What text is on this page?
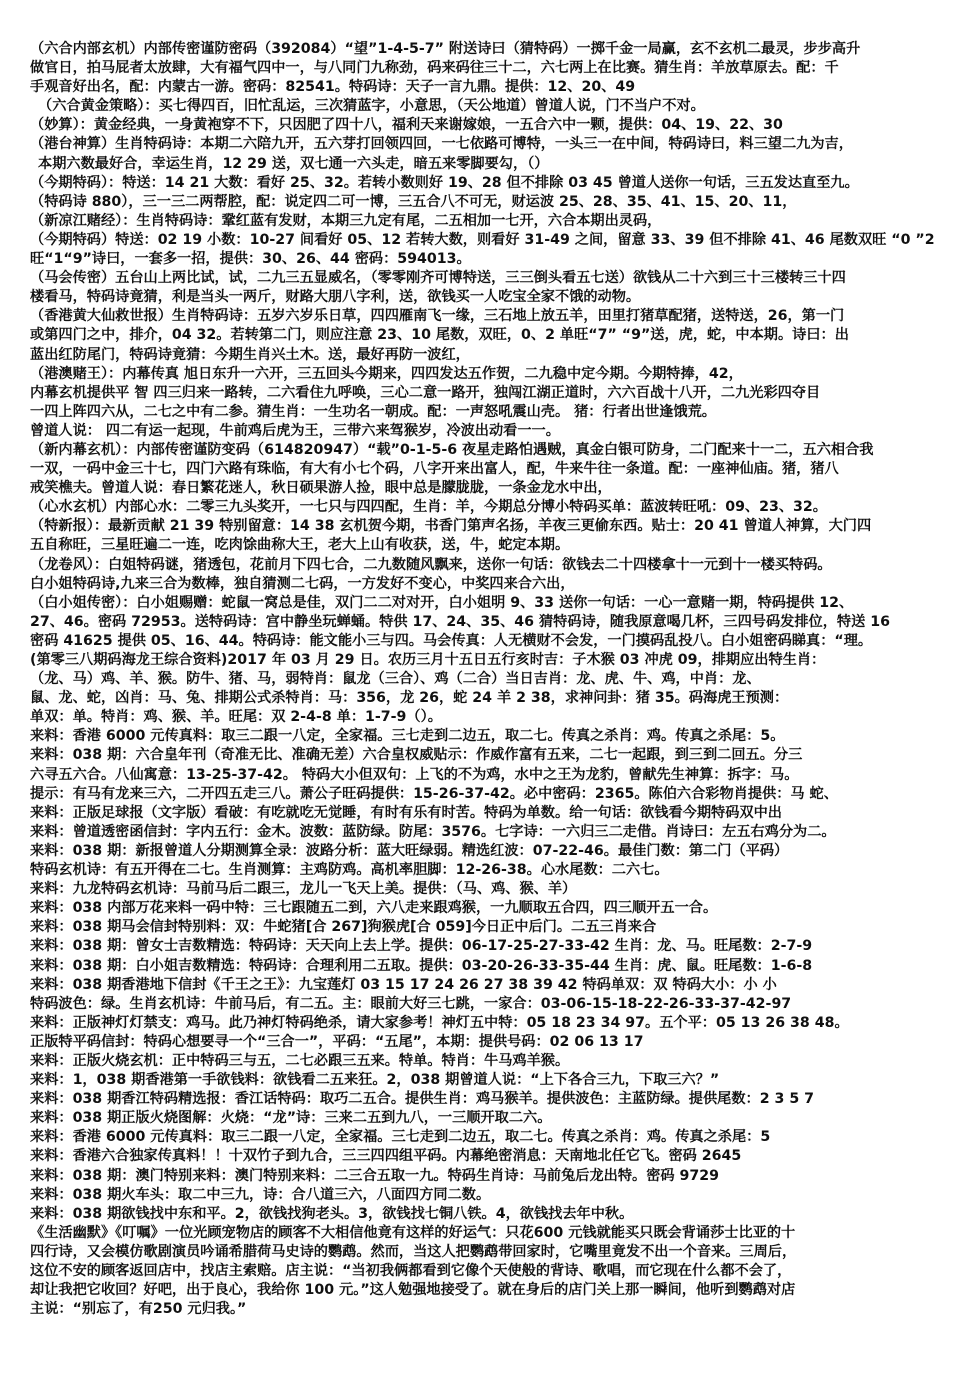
（六合内部玄机）内部传密谨防密码（392084）“望”1-4-5-7” 附送诗曰（猜特码）一掷千金一局赢，玄不玄机二最灵，步步高升
做官日，拍马屁者太放肆，大有福气四中一，与八同门九称劲，码来码往三十二，六七两上在比赛。猜生肖：羊放草原去。配：千
手观音好出名，配：内蒙古一游。密码：82541。特码诗：天子一言九鼎。提供：12、20、49
（六合黄金策略）：买七得四百，旧忙乱运，三次猜蓝字，小意思，（天公地道）曾道人说，门不当户不对。
（妙算）：黄金经典，一身黄袍穿不下，只因肥了四十八，福利天来谢嫁娘，一五合六中一颗，提供：04、19、22、30
（港台神算）生肖特码诗：本期二六陪九开，五六芽打回领四回，一七依路可博特，一头三一在中间，特码诗曰，料三望二九为吉，
本期六数最好合，幸运生肖，12 29 送，双七通一六头走，暗五来零脚要勾，（）
（今期特码）：特送：14 21 大数：看好 25、32。若转小数则好 19、28 但不排除 03 45 曾道人送你一句话，三五发达直至九。
（特码诗 880），三一三二两帮腔，配：说定四二可一博，三五合八不可无，财运波 25、28、35、41、15、20、11，
（新凉江赌经）：生肖特码诗：鞏红蓝有发财，本期三九定有尾，二五相加一七开，六合本期出灵码，
（今期特码）特送：02 19 小数：10-27 间看好 05、12 若转大数，则看好 31-49 之间，留意 33、39 但不排除 41、46 尾数双旺 “0 ”2
旺“1“9”诗曰，一套多一招，提供：30、26、44 密码：594013。
（马会传密）五台山上两比试，试，二九三五显威名，（零零刚齐可博特送，三三倒头看五七送）欲钱从二十六到三十三楼转三十四
楼看马，特码诗竟猜，利是当头一两斤，财路大朋八字利，送，欲钱买一人吃宝全家不饿的动物。
（香港黄大仙救世报）生肖特码诗：五岁六岁乐日草，四四雁南飞一缘，三石地上放五羊，田里打猪草配猪，送特送，26，第一门
或第四门之中，排介，04 32。若转第二门，则应注意 23、10 尾数，双旺，0、2 单旺“7” “9”送，虎，蛇，中本期。诗曰：出
蓝出红防尾门，特码诗竟猜：今期生肖兴土木。送，最好再防一波红，
（港澳赌王）：内幕传真 旭日东升一六开，三五回头今期来，四四发达五作贺，二九稳中定今期。今期特捧，42，
内幕玄机提供平 智 四三归来一路转，二六看住九呼唤，三心二意一路开，独闯江湖正道时，六六百战十八开，二九光彩四夺目
一四上阵四六从，二七之中有二参。猜生肖：一生功名一朝成。配：一声怒吼震山壳。 猪：行者出世逢饿荒。
曾道人说： 四二有运一起现，牛前鸡后虎为王，三带六来驾猴岁，冷波出动看一一。
（新内幕玄机）：内部传密谨防变码（614820947）“载”0-1-5-6 夜星走路怕遇贼，真金白银可防身，二门配来十一二，五六相合我
一双，一码中金三十七，四门六路有珠临，有大有小七个码，八字开来出富人，配，牛来牛往一条道。配：一座神仙庙。猪，猪八
戒笑樵夫。曾道人说：春日繁花迷人，秋日硕果游人捡，眼中总是朦胧胧，一条金龙水中出，
（心水玄机）内部心水：二零三九头奖开，一七只与四四配，生肖：羊，今期总分博小特码买单：蓝波转旺吼：09、23、32。
（特新报）：最新贡献 21 39 特别留意：14 38 玄机贺今期，书香门第声名扬，羊夜三更偷东西。贴士：20 41 曾道人神算，大门四
五自称旺，三星旺遍二一连，吃肉馀曲称大王，老大上山有收获，送，牛，蛇定本期。
（龙卷风）：白姐特码谜，猪透包，花前月下四七合，二九数随风飘来，送你一句话：欲钱去二十四楼拿十一元到十一楼买特码。
白小姐特码诗,九来三合为数棒，独自猜测二七码，一方发好不变心，中奖四来合六出，
（白小姐传密）：白小姐赐赠：蛇鼠一窝总是佳，双门二二对对开，白小姐明 9、33 送你一句话：一心一意赌一期，特码提供 12、
27、46。密码 72953。送特码诗：宫中静坐玩蝉蛹。特供 17、24、35、46 猜特码诗，随我原意喝几杯，三四号码发排位，特送 16
密码 41625 提供 05、16、44。特码诗：能文能小三与四。马会传真：人无横财不会发，一门摸码乱投八。白小姐密码睇真：“理。
(第零三八期码海龙王综合资料)2017 年 03 月 29 日。农历三月十五日五行亥时吉：子木猴 03 冲虎 09，排期应出特生肖：
（龙、马）鸡、羊、猴。防牛、猪、马，弱特肖：鼠龙（三合）、鸡（二合）当日吉肖：龙、虎、牛、鸡，中肖：龙、
鼠、龙、蛇，凶肖：马、兔、排期公式杀特肖：马：356，龙 26，蛇 24 羊 2 38，求神问卦：猪 35。码海虎王预测：
单双：单。特肖：鸡、猴、羊。旺尾：双 2-4-8 单：1-7-9（）。
来料：香港 6000 元传真料：取三二跟一八定，全家福。三七走到二边五，取二七。传真之杀肖：鸡。传真之杀尾：5。
来料：038 期：六合皇年刊（奇准无比、准确无差）六合皇权威贴示：作威作富有五来，二七一起跟，到三到二回五。分三
六寻五六合。八仙寓意：13-25-37-42。 特码大小但双句：上飞的不为鸡，水中之王为龙豹，曾献先生神算：拆字：马。
提示：有马有龙来三六，二开四五走三八。萧公子旺码提供：15-26-37-42。必中密码：2365。陈伯六合彩物肖提供：马 蛇、
来料：正版足球报（文字版）看破：有吃就吃无觉睡，有时有乐有时苦。特码为单数。给一句话：欲钱看今期特码双中出
来料：曾道透密函信封：字内五行：金木。波数：蓝防绿。防尾：3576。七字诗：一六归三二走借。肖诗曰：左五右鸡分为二。
来料：038 期：新报曾道人分期测算全录：波路分析：蓝大旺绿弱。精选红波：07-22-46。最佳门数：第二门（平码）
特码玄机诗：有五开得在二七。生肖测算：主鸡防鸡。高机率胆脚：12-26-38。心水尾数：二六七。
来料：九龙特码玄机诗：马前马后二跟三，龙儿一飞天上美。提供：（马、鸡、猴、羊）
来料：038 内部万花来料一码中特：三七跟随五二到，六八走来跟鸡猴，一九顺取五合四，四三顺开五一合。
来料：038 期马会信封特别料：双：牛蛇猪[合 267]狗猴虎[合 059]今日正中后门。二五三肖来合
来料：038 期：曾女士吉数精选：特码诗：天天向上去上学。提供：06-17-25-27-33-42 生肖：龙、马。旺尾数：2-7-9
来料：038 期：白小姐吉数精选：特码诗：合理利用二五取。提供：03-20-26-33-35-44 生肖：虎、鼠。旺尾数：1-6-8
来料：038 期香港地下信封《千王之王》：九宝莲灯 03 15 17 24 26 27 38 39 42 特码单双：双 特码大小：小 小
特码波色：绿。生肖玄机诗：牛前马后，有二五。主：眼前大好三七跳，一家合：03-06-15-18-22-26-33-37-42-97
来料：正版神灯灯禁支：鸡马。此乃神灯特码绝杀，请大家参考！神灯五中特：05 18 23 34 97。五个平：05 13 26 38 48。
正版特平码信封：特码心想要寻一个“三合一”，平码：“五尾”，本期：提供号码：02 06 13 17
来料：正版火烧玄机：正中特码三与五，二七必跟三五来。特单。特肖：牛马鸡羊猴。
来料：1，038 期香港第一手欲钱料：欲钱看二五来狂。2，038 期曾道人说：“上下各合三九，下取三六？”
来料：038 期香江特码精选报：香江话特码：取巧二五合。提供生肖：鸡马猴羊。提供波色：主蓝防绿。提供尾数：2 3 5 7
来料：038 期正版火烧图解：火烧：“龙”诗：三来二五到九八，一三顺开取二六。
来料：香港 6000 元传真料：取三二跟一八定，全家福。三七走到二边五，取二七。传真之杀肖：鸡。传真之杀尾：5
来料：香港六合独家传真料！！十双竹子到九合，三三四四组平码。内幕绝密消息：天南地北任它飞。密码 2645
来料：038 期：澳门特别来料：澳门特别来料：二三合五取一九。特码生肖诗：马前兔后龙出特。密码 9729
来料：038 期火车头：取二中三九，诗：合八道三六，八面四方同二数。
来料：038 期欲钱找中东和平。2，欲钱找狗老头。3，欲钱找七铜八铁。4，欲钱找去年中秋。
《生活幽默》《叮嘱》一位光顾宠物店的顾客不大相信他竟有这样的好运气：只花600 元钱就能买只既会背诵莎士比亚的十
四行诗，又会模仿歌剧演员吟诵希腊荷马史诗的鹦鹉。然而，当这人把鹦鹉带回家时，它嘴里竟发不出一个音来。三周后，
这位不安的顾客返回店中，找店主索赔。店主说：“当初我俩都看到它像个天使般的背诗、歌唱，而它现在什么都不会了，
却让我把它收回？好吧，出于良心，我给你 100 元。”这人勉强地接受了。就在身后的店门关上那一瞬间，他听到鹦鹉对店
主说：“别忘了，有250 元归我。”
